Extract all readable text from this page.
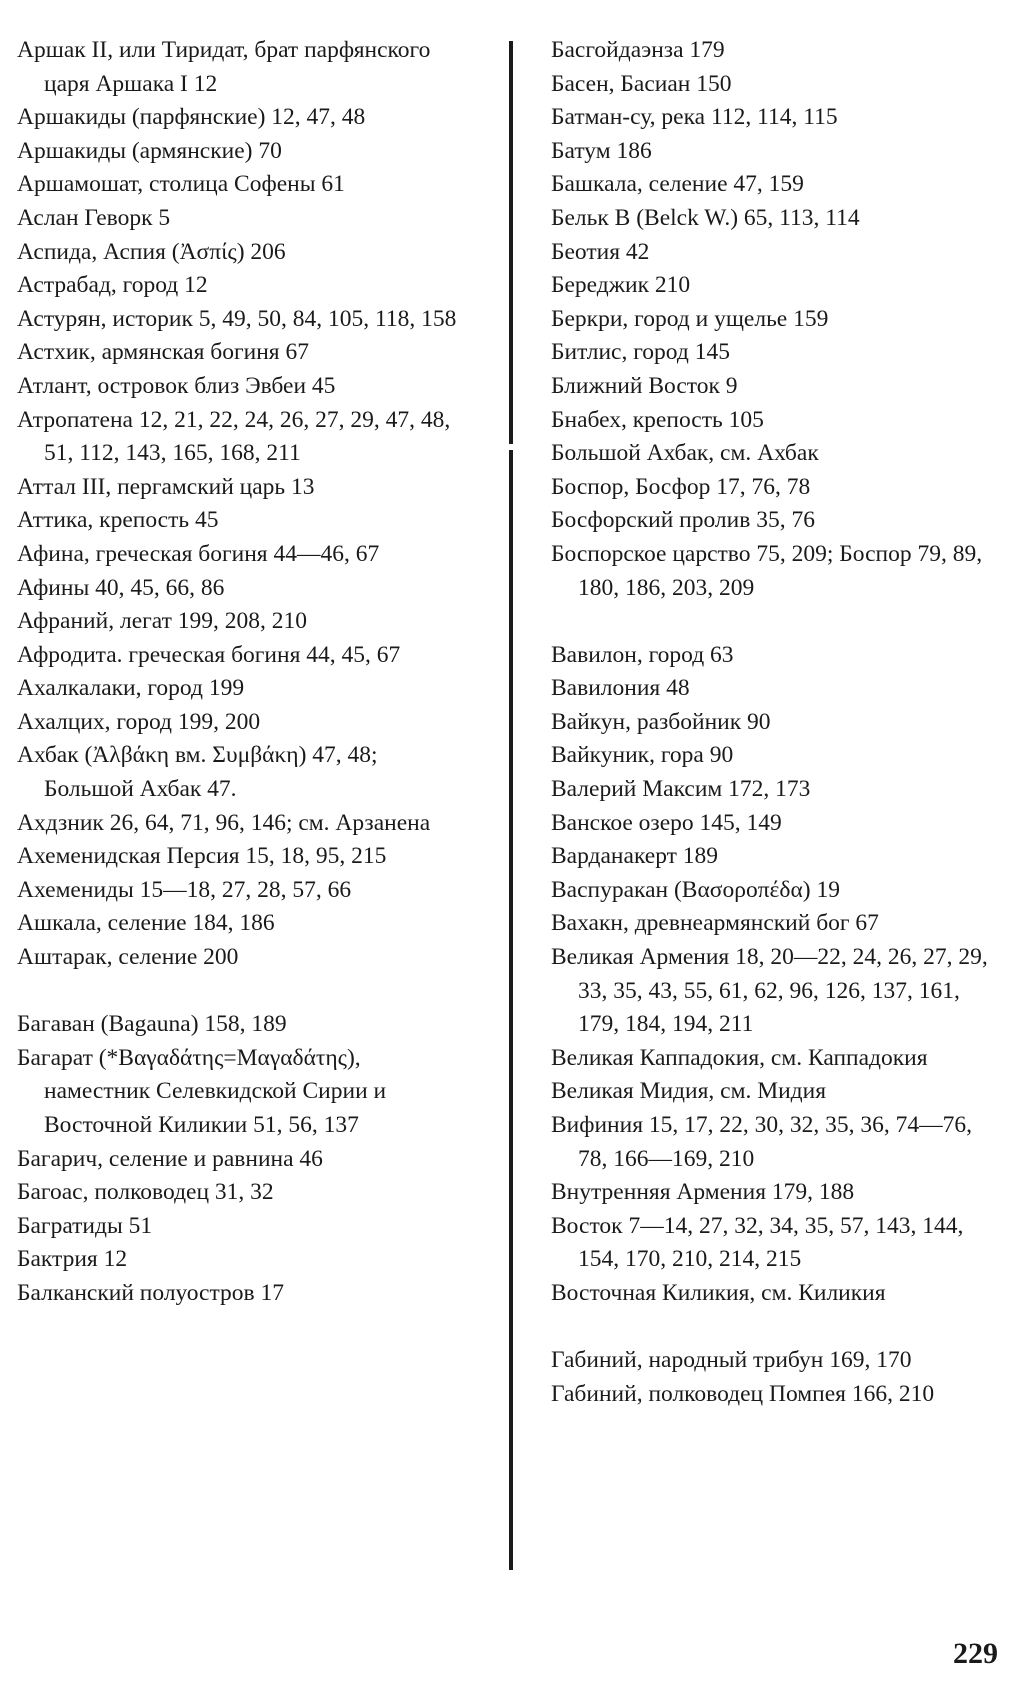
Аршак II, или Тиридат, брат парфянского царя Аршака I 12
Аршакиды (парфянские) 12, 47, 48
Аршакиды (армянские) 70
Аршамошат, столица Софены 61
Аслан Геворк 5
Аспида, Аспия (Ἀσπίς) 206
Астрабад, город 12
Астурян, историк 5, 49, 50, 84, 105, 118, 158
Астхик, армянская богиня 67
Атлант, островок близ Эвбеи 45
Атропатена 12, 21, 22, 24, 26, 27, 29, 47, 48, 51, 112, 143, 165, 168, 211
Аттал III, пергамский царь 13
Аттика, крепость 45
Афина, греческая богиня 44—46, 67
Афины 40, 45, 66, 86
Афраний, легат 199, 208, 210
Афродита. греческая богиня 44, 45, 67
Ахалкалаки, город 199
Ахалцих, город 199, 200
Ахбак (Ἀλβάκη вм. Συμβάκη) 47, 48; Большой Ахбак 47.
Ахдзник 26, 64, 71, 96, 146; см. Арзанена
Ахеменидская Персия 15, 18, 95, 215
Ахемениды 15—18, 27, 28, 57, 66
Ашкала, селение 184, 186
Аштарак, селение 200
Багаван (Bagauna) 158, 189
Багарат (*Βαγαδάτης=Μαγαδάτης), наместник Селевкидской Сирии и Восточной Киликии 51, 56, 137
Багарич, селение и равнина 46
Багоас, полководец 31, 32
Багратиды 51
Бактрия 12
Балканский полуостров 17
Басгойдаэнза 179
Басен, Басиан 150
Батман-су, река 112, 114, 115
Батум 186
Башкала, селение 47, 159
Бельк В (Belck W.) 65, 113, 114
Беотия 42
Береджик 210
Беркри, город и ущелье 159
Битлис, город 145
Ближний Восток 9
Бнабех, крепость 105
Большой Ахбак, см. Ахбак
Боспор, Босфор 17, 76, 78
Босфорский пролив 35, 76
Боспорское царство 75, 209; Боспор 79, 89, 180, 186, 203, 209
Вавилон, город 63
Вавилония 48
Вайкун, разбойник 90
Вайкуник, гора 90
Валерий Максим 172, 173
Ванское озеро 145, 149
Варданакерт 189
Васпуракан (Βασοροπέδα) 19
Вахакн, древнеармянский бог 67
Великая Армения 18, 20—22, 24, 26, 27, 29, 33, 35, 43, 55, 61, 62, 96, 126, 137, 161, 179, 184, 194, 211
Великая Каппадокия, см. Каппадокия
Великая Мидия, см. Мидия
Вифиния 15, 17, 22, 30, 32, 35, 36, 74—76, 78, 166—169, 210
Внутренняя Армения 179, 188
Восток 7—14, 27, 32, 34, 35, 57, 143, 144, 154, 170, 210, 214, 215
Восточная Киликия, см. Киликия
Габиний, народный трибун 169, 170
Габиний, полководец Помпея 166, 210
229
